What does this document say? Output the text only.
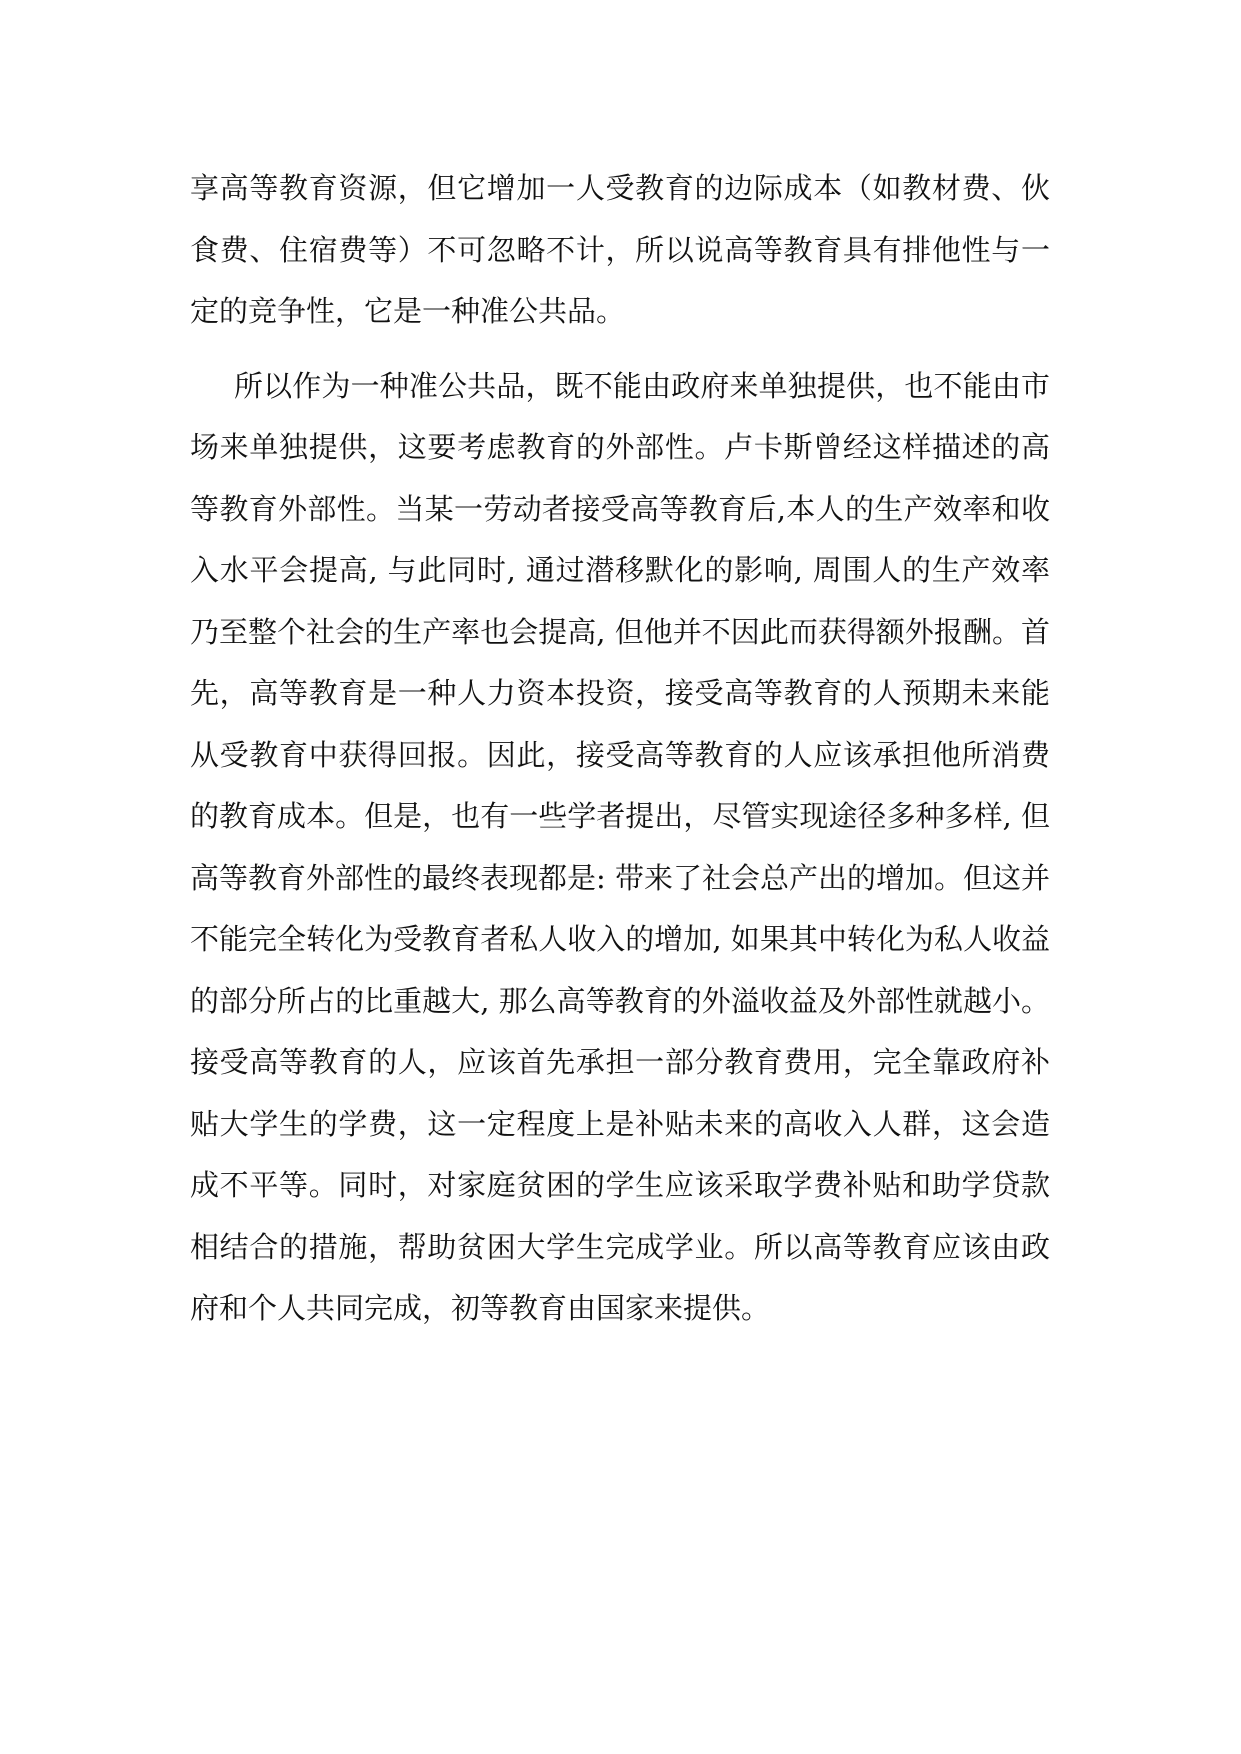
享高等教育资源，但它增加一人受教育的边际成本（如教材费、伙食费、住宿费等）不可忽略不计，所以说高等教育具有排他性与一定的竞争性，它是一种准公共品。

所以作为一种准公共品，既不能由政府来单独提供，也不能由市场来单独提供，这要考虑教育的外部性。卢卡斯曾经这样描述的高等教育外部性。当某一劳动者接受高等教育后,本人的生产效率和收入水平会提高, 与此同时, 通过潜移默化的影响, 周围人的生产效率乃至整个社会的生产率也会提高, 但他并不因此而获得额外报酬。首先，高等教育是一种人力资本投资，接受高等教育的人预期未来能从受教育中获得回报。因此，接受高等教育的人应该承担他所消费的教育成本。但是，也有一些学者提出，尽管实现途径多种多样, 但高等教育外部性的最终表现都是: 带来了社会总产出的增加。但这并不能完全转化为受教育者私人收入的增加, 如果其中转化为私人收益的部分所占的比重越大, 那么高等教育的外溢收益及外部性就越小。接受高等教育的人，应该首先承担一部分教育费用，完全靠政府补贴大学生的学费，这一定程度上是补贴未来的高收入人群，这会造成不平等。同时，对家庭贫困的学生应该采取学费补贴和助学贷款相结合的措施，帮助贫困大学生完成学业。所以高等教育应该由政府和个人共同完成，初等教育由国家来提供。
